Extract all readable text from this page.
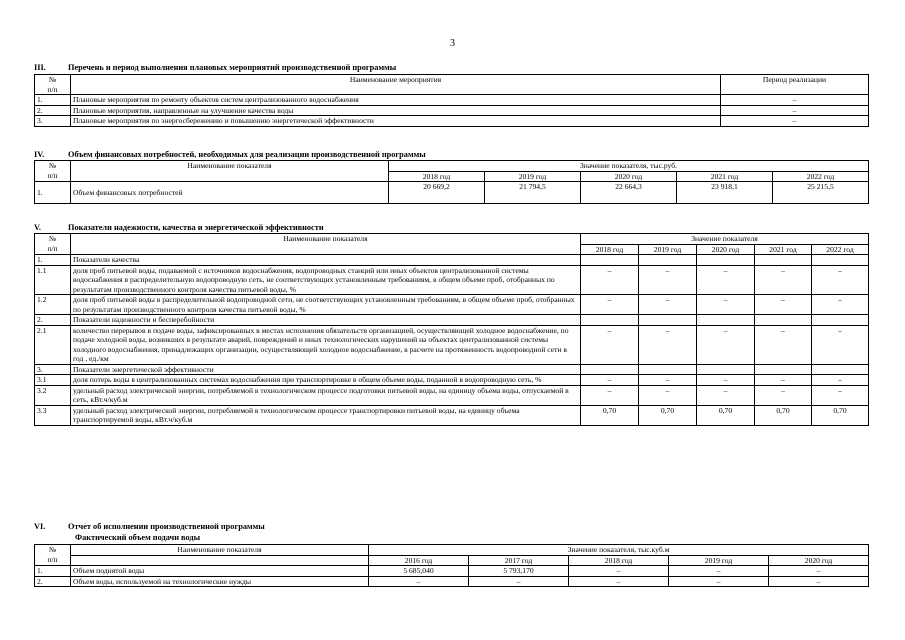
3
III.	Перечень и период выполнения плановых мероприятий производственной программы
№
п/п	Наименование мероприятия	Период реализации
1.	Плановые мероприятия по ремонту объектов систем централизованного водоснабжения	–
2.	Плановые мероприятия, направленные на улучшение качества воды	–
3.	Плановые мероприятия по энергосбережению и повышению энергетической эффективности	–
IV.	Объем финансовых потребностей, необходимых для реализации производственной программы
№
п/п	Наименование показателя	Значение показателя, тыс.руб.				
		2018 год	2019 год	2020 год	2021 год	2022 год
1.	Объем финансовых потребностей	20 669,2	21 794,5	22 664,3	23 918,1	25 215,5
V.	Показатели надежности, качества и энергетической эффективности
№
п/п	Наименование показателя	Значение показателя				
		2018 год	2019 год	2020 год	2021 год	2022 год
1.	Показатели качества					
1.1	доля проб питьевой воды, подаваемой с источников водоснабжения, водопроводных станций или иных объектов централизованной системы водоснабжения в распределительную водопроводную сеть, не соответствующих установленным требованиям, в общем объеме проб, отобранных по результатам производственного контроля качества питьевой воды, %	–	–	–	–	–
1.2	доля проб питьевой воды в распределительной водопроводной сети, не соответствующих установленным требованиям, в общем объеме проб, отобранных по результатам производственного контроля качества питьевой воды, %	–	–	–	–	–
2.	Показатели надежности и бесперебойности					
2.1	количество перерывов в подаче воды, зафиксированных в местах исполнения обязательств организацией, осуществляющей холодное водоснабжение, по подаче холодной воды, возникших в результате аварий, повреждений и иных технологических нарушений на объектах централизованной системы холодного водоснабжения, принадлежащих организации, осуществляющей холодное водоснабжение, в расчете на протяженность водопроводной сети в год , ед./км	–	–	–	–	–
3.	Показатели энергетической эффективности					
3.1	доля потерь воды в централизованных системах водоснабжения при транспортировке в общем объеме воды, поданной в водопроводную сеть, %	–	–	–	–	–
3.2	удельный расход электрической энергии, потребляемой в технологическом процессе подготовки питьевой воды, на единицу объема воды, отпускаемой в сеть, кВт.ч/куб.м	–	–	–	–	–
3.3	удельный расход электрической энергии, потребляемой в технологическом процессе транспортировки питьевой воды, на единицу объема транспортируемой воды, кВт.ч/куб.м	0,70	0,70	0,70	0,70	0,70
VI.	Отчет об исполнении производственной программы
Фактический объем подачи воды
№
п/п	Наименование показателя	Значение показателя, тыс.куб.м				
		2016 год	2017 год	2018 год	2019 год	2020 год
1.	Объем поднятой воды	5 685,040	5 793,170	–	–	–
2.	Объем воды, используемой на технологические нужды	–	–	–	–	–
